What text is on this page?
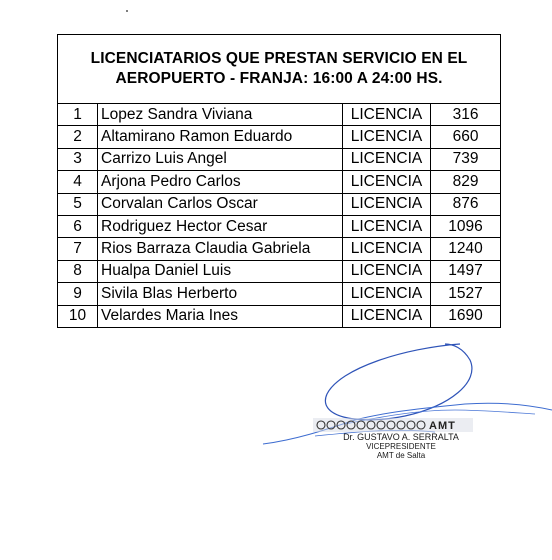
LICENCIATARIOS QUE PRESTAN SERVICIO EN EL AEROPUERTO - FRANJA: 16:00 A 24:00 HS.			
1	Lopez Sandra Viviana	LICENCIA	316
2	Altamirano Ramon Eduardo	LICENCIA	660
3	Carrizo Luis Angel	LICENCIA	739
4	Arjona Pedro Carlos	LICENCIA	829
5	Corvalan Carlos Oscar	LICENCIA	876
6	Rodriguez Hector Cesar	LICENCIA	1096
7	Rios Barraza Claudia Gabriela	LICENCIA	1240
8	Hualpa Daniel Luis	LICENCIA	1497
9	Sivila Blas Herberto	LICENCIA	1527
10	Velardes Maria Ines	LICENCIA	1690
AMT
Dr. GUSTAVO A. SERRALTA
VICEPRESIDENTE
AMT de Salta
